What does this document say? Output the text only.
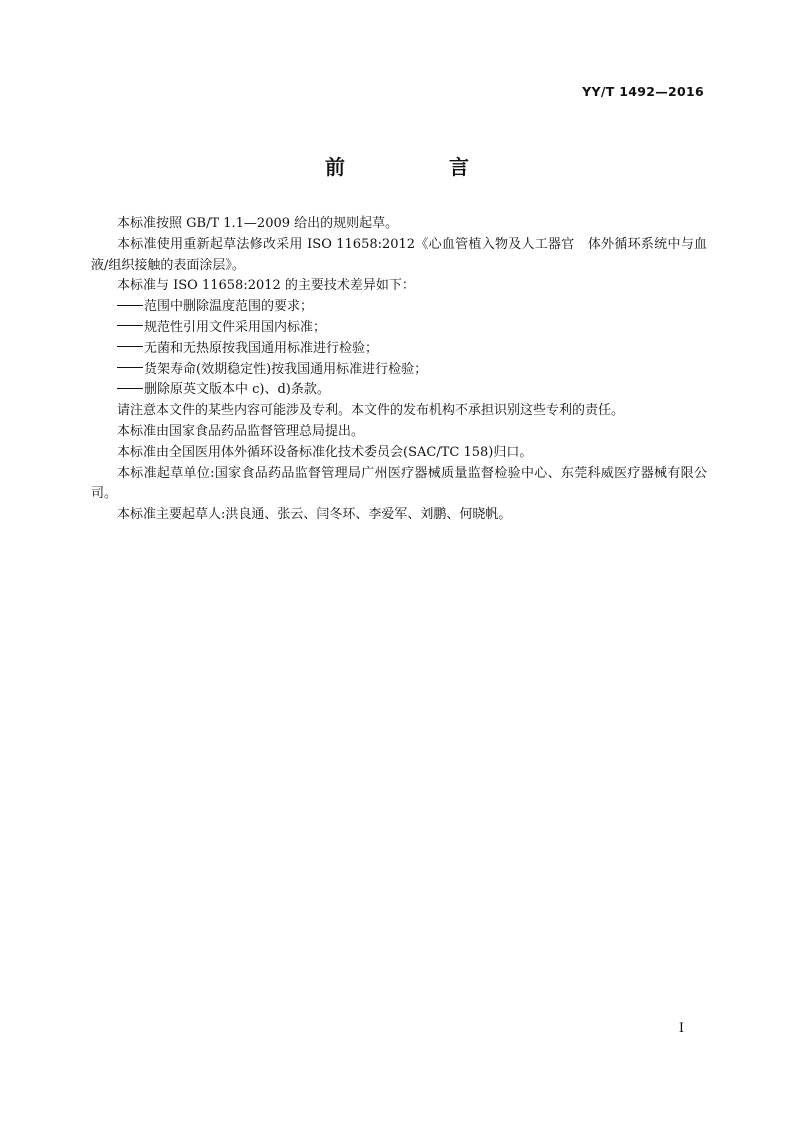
YY/T 1492—2016
前　言

本标准按照 GB/T 1.1—2009 给出的规则起草。

本标准使用重新起草法修改采用 ISO 11658:2012《心血管植入物及人工器官　体外循环系统中与血液/组织接触的表面涂层》。

本标准与 ISO 11658:2012 的主要技术差异如下：

范围中删除温度范围的要求；

规范性引用文件采用国内标准；

无菌和无热原按我国通用标准进行检验；

货架寿命(效期稳定性)按我国通用标准进行检验；

删除原英文版本中 c)、d)条款。

请注意本文件的某些内容可能涉及专利。本文件的发布机构不承担识别这些专利的责任。

本标准由国家食品药品监督管理总局提出。

本标准由全国医用体外循环设备标准化技术委员会(SAC/TC 158)归口。

本标准起草单位:国家食品药品监督管理局广州医疗器械质量监督检验中心、东莞科威医疗器械有限公司。

本标准主要起草人:洪良通、张云、闫冬环、李爱军、刘鹏、何晓帆。

I
